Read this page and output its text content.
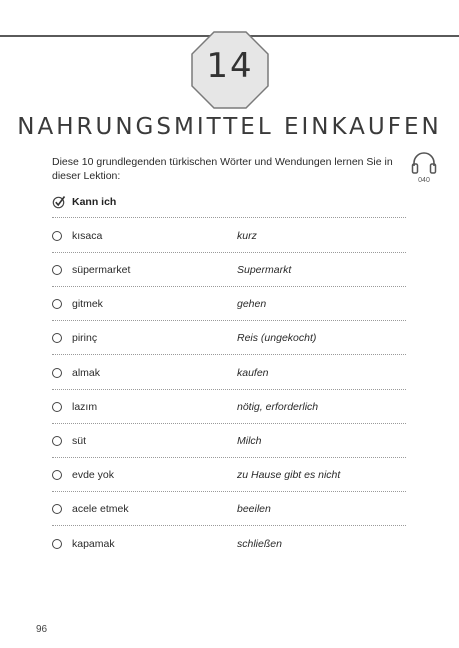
14
NAHRUNGSMITTEL EINKAUFEN
Diese 10 grundlegenden türkischen Wörter und Wendungen lernen Sie in dieser Lektion:	040
Kann ich
kısaca	kurz
süpermarket	Supermarkt
gitmek	gehen
pirinç	Reis (ungekocht)
almak	kaufen
lazım	nötig, erforderlich
süt	Milch
evde yok	zu Hause gibt es nicht
acele etmek	beeilen
kapamak	schließen
96
